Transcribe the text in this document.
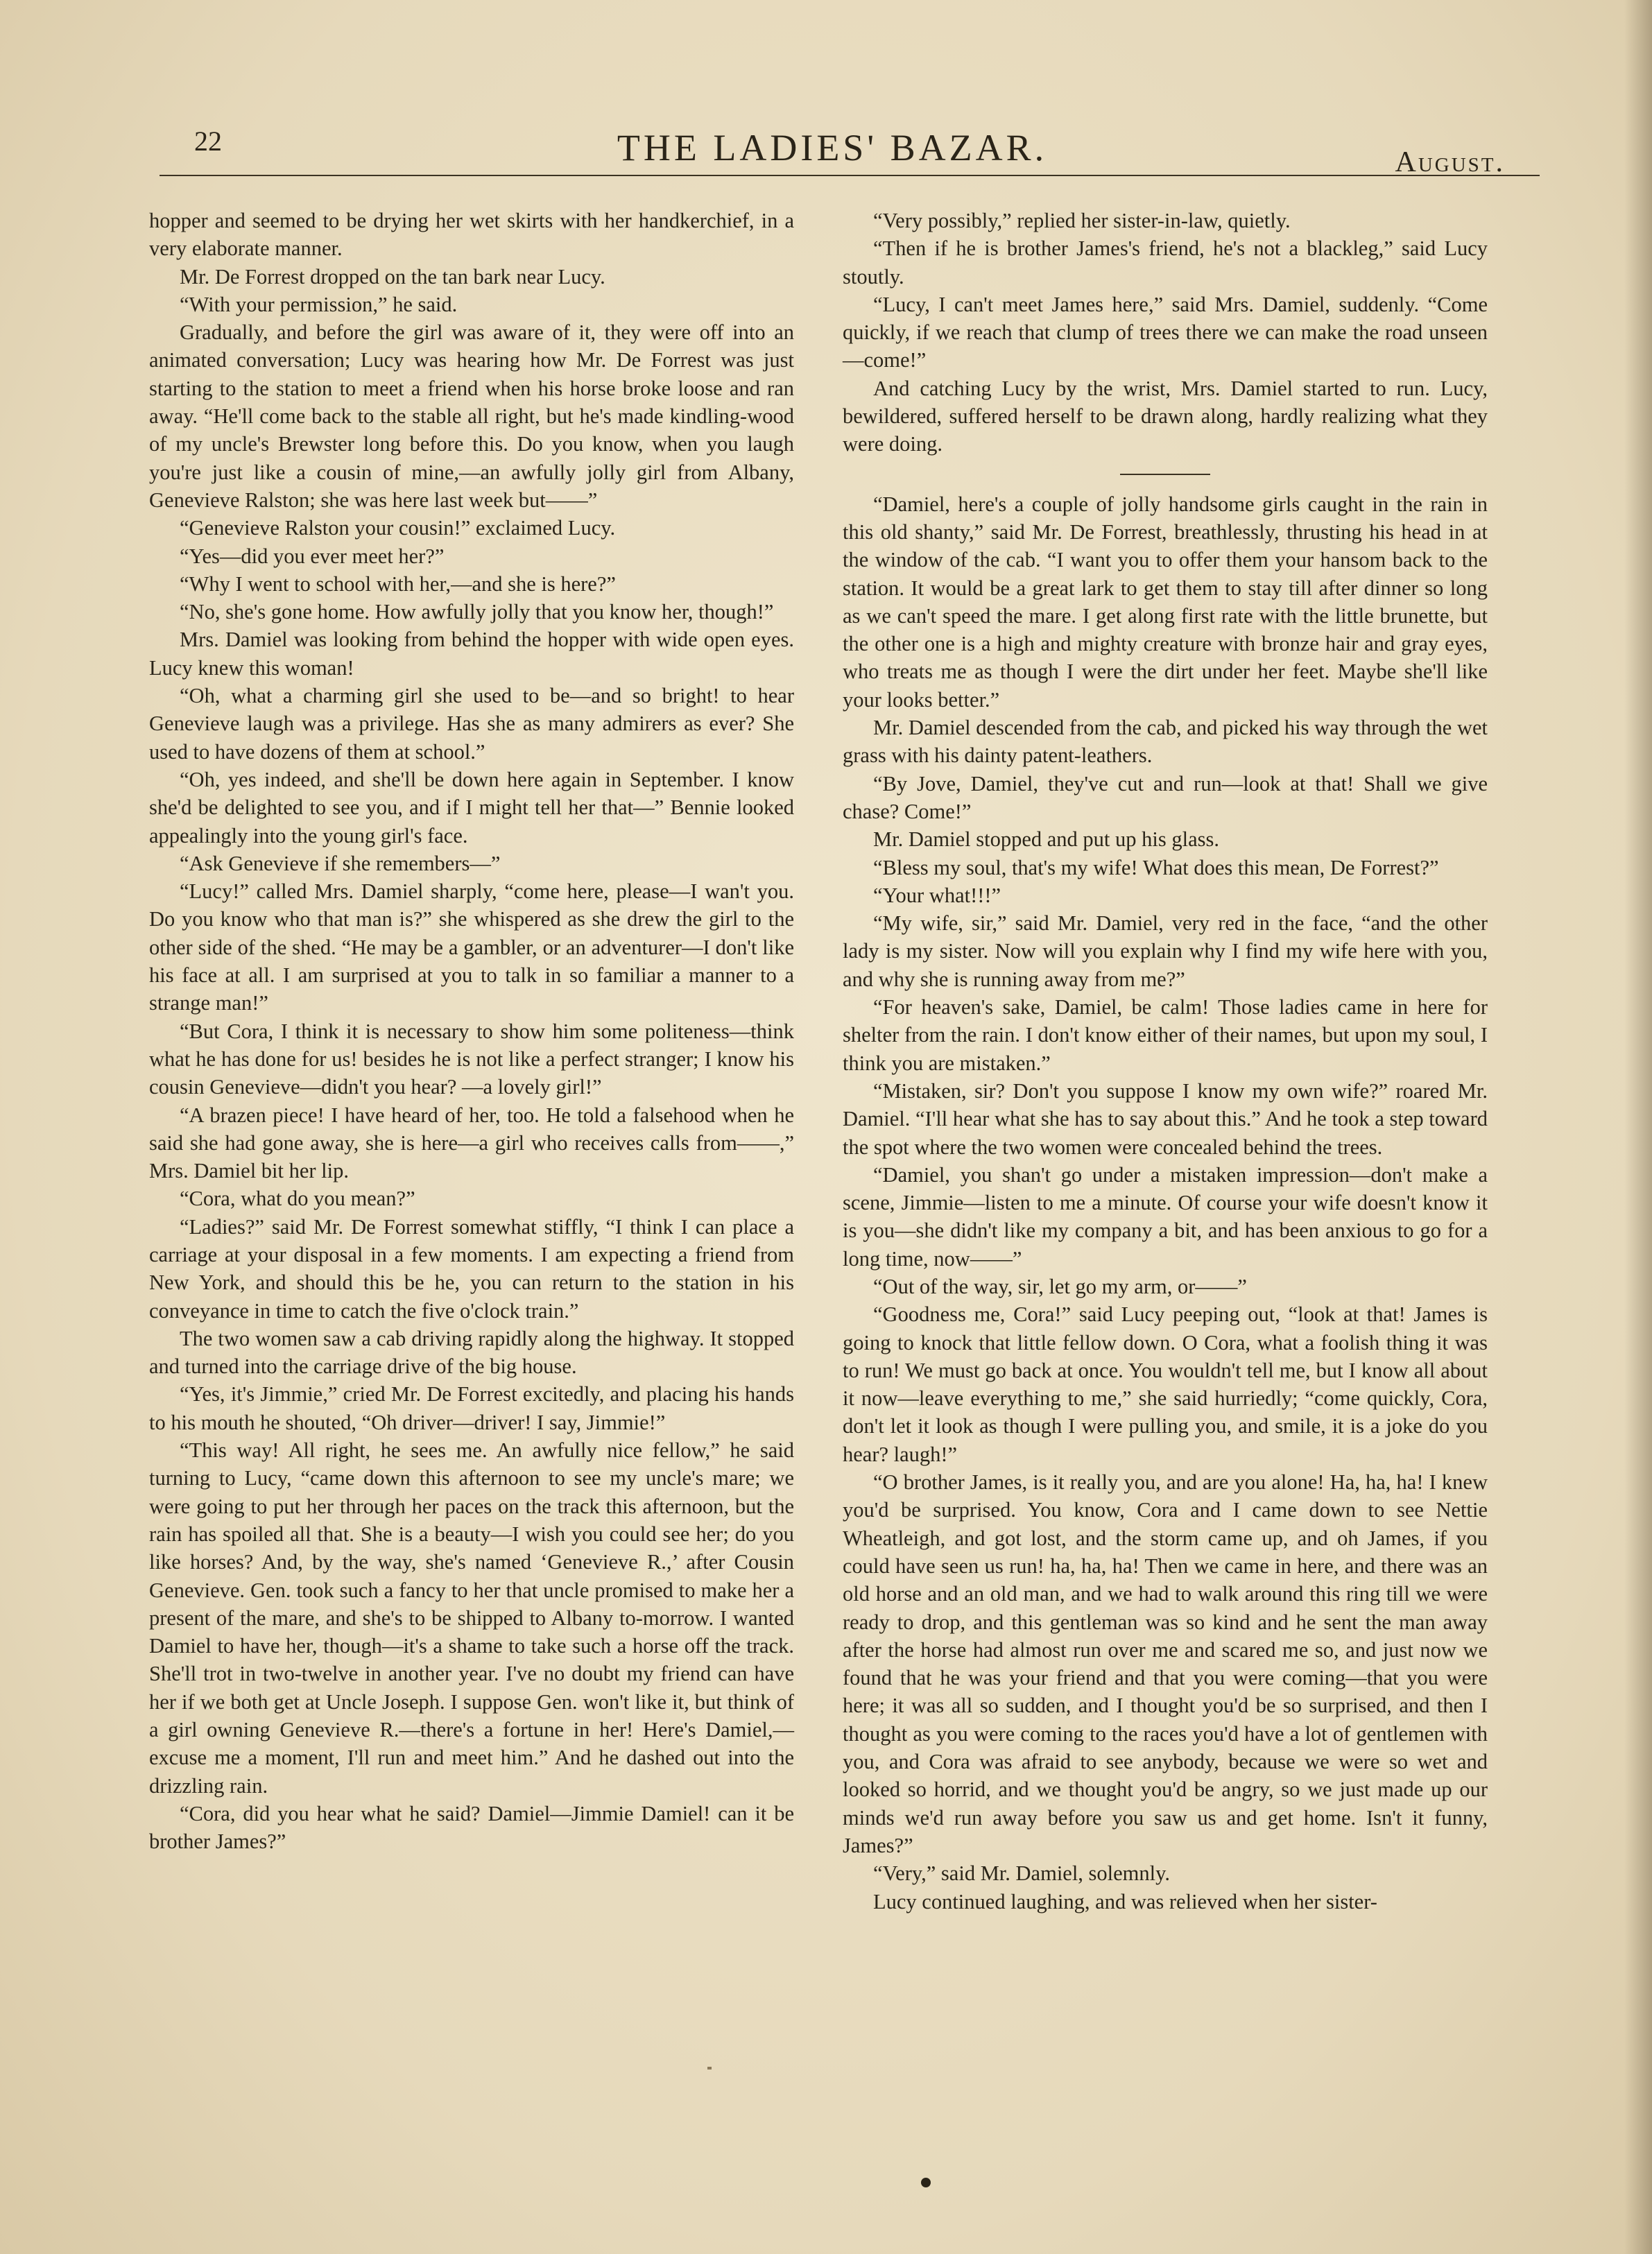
22	THE LADIES' BAZAR.	August.

hopper and seemed to be drying her wet skirts with her handkerchief, in a very elaborate manner.

Mr. De Forrest dropped on the tan bark near Lucy.

“With your permission,” he said.

Gradually, and before the girl was aware of it, they were off into an animated conversation; Lucy was hearing how Mr. De Forrest was just starting to the station to meet a friend when his horse broke loose and ran away. “He'll come back to the stable all right, but he's made kindling-wood of my uncle's Brewster long before this. Do you know, when you laugh you're just like a cousin of mine,—an awfully jolly girl from Albany, Genevieve Ralston; she was here last week but——”

“Genevieve Ralston your cousin!” exclaimed Lucy.

“Yes—did you ever meet her?”

“Why I went to school with her,—and she is here?”

“No, she's gone home. How awfully jolly that you know her, though!”

Mrs. Damiel was looking from behind the hopper with wide open eyes. Lucy knew this woman!

“Oh, what a charming girl she used to be—and so bright! to hear Genevieve laugh was a privilege. Has she as many admirers as ever? She used to have dozens of them at school.”

“Oh, yes indeed, and she'll be down here again in September. I know she'd be delighted to see you, and if I might tell her that—” Bennie looked appealingly into the young girl's face.

“Ask Genevieve if she remembers—”

“Lucy!” called Mrs. Damiel sharply, “come here, please—I wan't you. Do you know who that man is?” she whispered as she drew the girl to the other side of the shed. “He may be a gambler, or an adventurer—I don't like his face at all. I am surprised at you to talk in so familiar a manner to a strange man!”

“But Cora, I think it is necessary to show him some politeness—think what he has done for us! besides he is not like a perfect stranger; I know his cousin Genevieve—didn't you hear? —a lovely girl!”

“A brazen piece! I have heard of her, too. He told a falsehood when he said she had gone away, she is here—a girl who receives calls from——,” Mrs. Damiel bit her lip.

“Cora, what do you mean?”

“Ladies?” said Mr. De Forrest somewhat stiffly, “I think I can place a carriage at your disposal in a few moments. I am expecting a friend from New York, and should this be he, you can return to the station in his conveyance in time to catch the five o'clock train.”

The two women saw a cab driving rapidly along the highway. It stopped and turned into the carriage drive of the big house.

“Yes, it's Jimmie,” cried Mr. De Forrest excitedly, and placing his hands to his mouth he shouted, “Oh driver—driver! I say, Jimmie!”

“This way! All right, he sees me. An awfully nice fellow,” he said turning to Lucy, “came down this afternoon to see my uncle's mare; we were going to put her through her paces on the track this afternoon, but the rain has spoiled all that. She is a beauty—I wish you could see her; do you like horses? And, by the way, she's named ‘Genevieve R.,’ after Cousin Genevieve. Gen. took such a fancy to her that uncle promised to make her a present of the mare, and she's to be shipped to Albany to-morrow. I wanted Damiel to have her, though—it's a shame to take such a horse off the track. She'll trot in two-twelve in another year. I've no doubt my friend can have her if we both get at Uncle Joseph. I suppose Gen. won't like it, but think of a girl owning Genevieve R.—there's a fortune in her! Here's Damiel,—excuse me a moment, I'll run and meet him.” And he dashed out into the drizzling rain.

“Cora, did you hear what he said? Damiel—Jimmie Damiel! can it be brother James?”

“Very possibly,” replied her sister-in-law, quietly.

“Then if he is brother James's friend, he's not a blackleg,” said Lucy stoutly.

“Lucy, I can't meet James here,” said Mrs. Damiel, suddenly. “Come quickly, if we reach that clump of trees there we can make the road unseen—come!”

And catching Lucy by the wrist, Mrs. Damiel started to run. Lucy, bewildered, suffered herself to be drawn along, hardly realizing what they were doing.

“Damiel, here's a couple of jolly handsome girls caught in the rain in this old shanty,” said Mr. De Forrest, breathlessly, thrusting his head in at the window of the cab. “I want you to offer them your hansom back to the station. It would be a great lark to get them to stay till after dinner so long as we can't speed the mare. I get along first rate with the little brunette, but the other one is a high and mighty creature with bronze hair and gray eyes, who treats me as though I were the dirt under her feet. Maybe she'll like your looks better.”

Mr. Damiel descended from the cab, and picked his way through the wet grass with his dainty patent-leathers.

“By Jove, Damiel, they've cut and run—look at that! Shall we give chase? Come!”

Mr. Damiel stopped and put up his glass.

“Bless my soul, that's my wife! What does this mean, De Forrest?”

“Your what!!!”

“My wife, sir,” said Mr. Damiel, very red in the face, “and the other lady is my sister. Now will you explain why I find my wife here with you, and why she is running away from me?”

“For heaven's sake, Damiel, be calm! Those ladies came in here for shelter from the rain. I don't know either of their names, but upon my soul, I think you are mistaken.”

“Mistaken, sir? Don't you suppose I know my own wife?” roared Mr. Damiel. “I'll hear what she has to say about this.” And he took a step toward the spot where the two women were concealed behind the trees.

“Damiel, you shan't go under a mistaken impression—don't make a scene, Jimmie—listen to me a minute. Of course your wife doesn't know it is you—she didn't like my company a bit, and has been anxious to go for a long time, now——”

“Out of the way, sir, let go my arm, or——”

“Goodness me, Cora!” said Lucy peeping out, “look at that! James is going to knock that little fellow down. O Cora, what a foolish thing it was to run! We must go back at once. You wouldn't tell me, but I know all about it now—leave everything to me,” she said hurriedly; “come quickly, Cora, don't let it look as though I were pulling you, and smile, it is a joke do you hear? laugh!”

“O brother James, is it really you, and are you alone! Ha, ha, ha! I knew you'd be surprised. You know, Cora and I came down to see Nettie Wheatleigh, and got lost, and the storm came up, and oh James, if you could have seen us run! ha, ha, ha! Then we came in here, and there was an old horse and an old man, and we had to walk around this ring till we were ready to drop, and this gentleman was so kind and he sent the man away after the horse had almost run over me and scared me so, and just now we found that he was your friend and that you were coming—that you were here; it was all so sudden, and I thought you'd be so surprised, and then I thought as you were coming to the races you'd have a lot of gentlemen with you, and Cora was afraid to see anybody, because we were so wet and looked so horrid, and we thought you'd be angry, so we just made up our minds we'd run away before you saw us and get home. Isn't it funny, James?”

“Very,” said Mr. Damiel, solemnly.

Lucy continued laughing, and was relieved when her sister-
